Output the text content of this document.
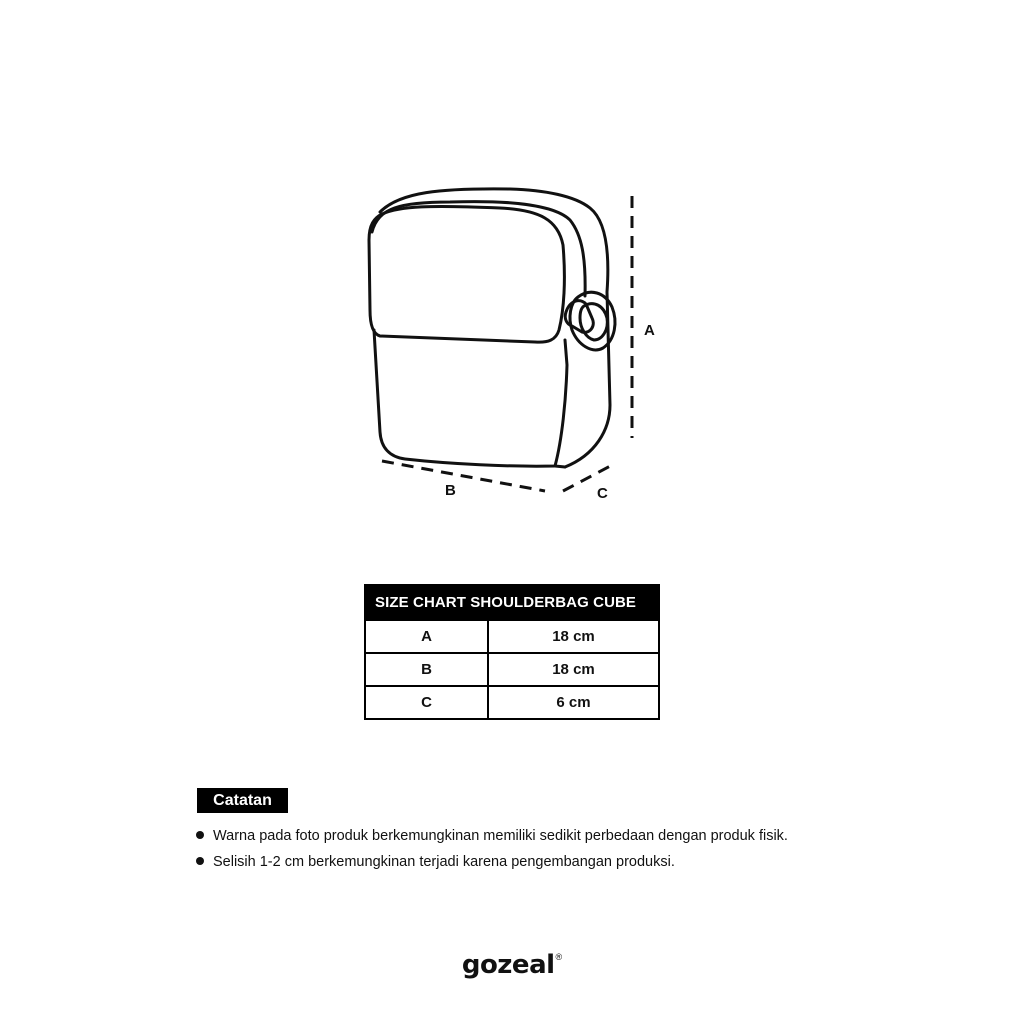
A
B	C
SIZE CHART SHOULDERBAG CUBE	
A	18 cm
B	18 cm
C	6 cm
Catatan
Warna pada foto produk berkemungkinan memiliki sedikit perbedaan dengan produk fisik.
Selisih 1-2 cm berkemungkinan terjadi karena pengembangan produksi.
gozeal®
